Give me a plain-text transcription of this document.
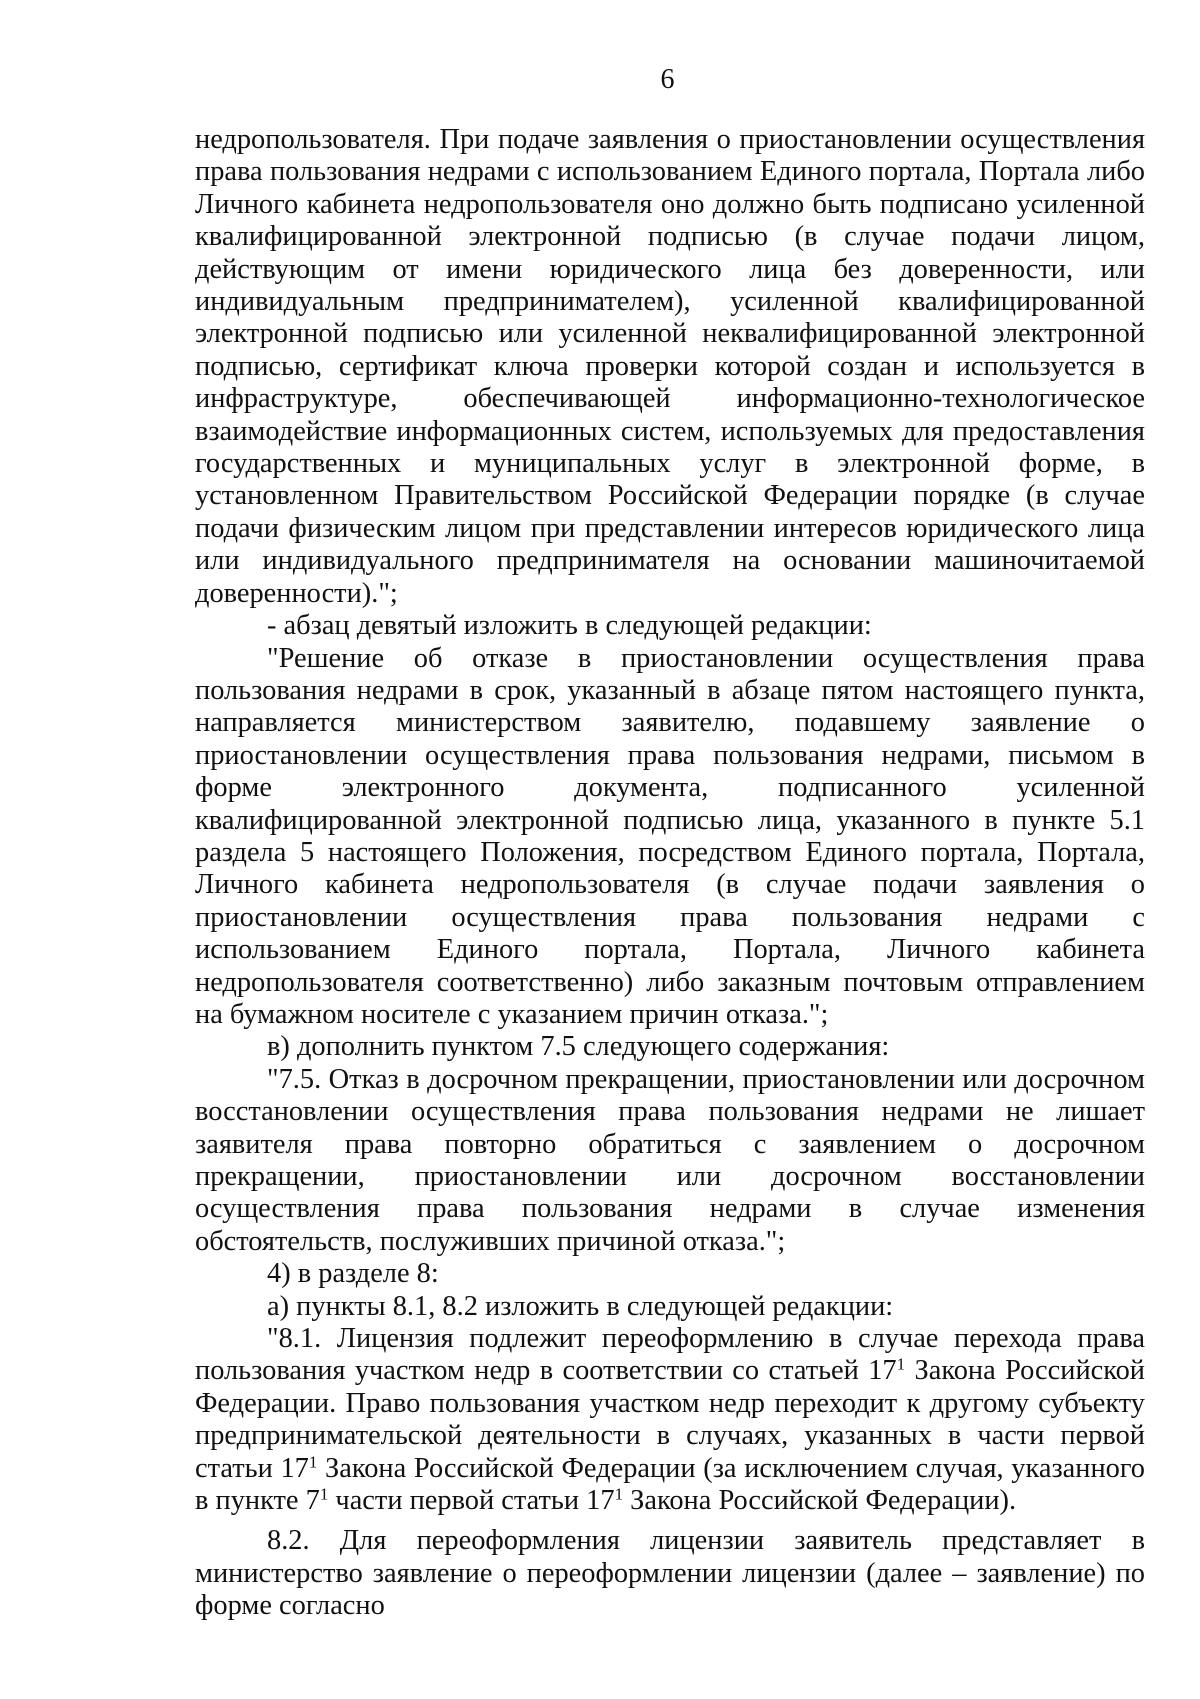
6

недропользователя. При подаче заявления о приостановлении осуществления права пользования недрами с использованием Единого портала, Портала либо Личного кабинета недропользователя оно должно быть подписано усиленной квалифицированной электронной подписью (в случае подачи лицом, действующим от имени юридического лица без доверенности, или индивидуальным предпринимателем), усиленной квалифицированной электронной подписью или усиленной неквалифицированной электронной подписью, сертификат ключа проверки которой создан и используется в инфраструктуре, обеспечивающей информационно-технологическое взаимодействие информационных систем, используемых для предоставления государственных и муниципальных услуг в электронной форме, в установленном Правительством Российской Федерации порядке (в случае подачи физическим лицом при представлении интересов юридического лица или индивидуального предпринимателя на основании машиночитаемой доверенности).";

- абзац девятый изложить в следующей редакции:

"Решение об отказе в приостановлении осуществления права пользования недрами в срок, указанный в абзаце пятом настоящего пункта, направляется министерством заявителю, подавшему заявление о приостановлении осуществления права пользования недрами, письмом в форме электронного документа, подписанного усиленной квалифицированной электронной подписью лица, указанного в пункте 5.1 раздела 5 настоящего Положения, посредством Единого портала, Портала, Личного кабинета недропользователя (в случае подачи заявления о приостановлении осуществления права пользования недрами с использованием Единого портала, Портала, Личного кабинета недропользователя соответственно) либо заказным почтовым отправлением на бумажном носителе с указанием причин отказа.";

в) дополнить пунктом 7.5 следующего содержания:

"7.5. Отказ в досрочном прекращении, приостановлении или досрочном восстановлении осуществления права пользования недрами не лишает заявителя права повторно обратиться с заявлением о досрочном прекращении, приостановлении или досрочном восстановлении осуществления права пользования недрами в случае изменения обстоятельств, послуживших причиной отказа.";

4) в разделе 8:

а) пункты 8.1, 8.2 изложить в следующей редакции:

"8.1. Лицензия подлежит переоформлению в случае перехода права пользования участком недр в соответствии со статьей $17^1$ Закона Российской Федерации. Право пользования участком недр переходит к другому субъекту предпринимательской деятельности в случаях, указанных в части первой статьи $17^1$ Закона Российской Федерации (за исключением случая, указанного в пункте $7^1$ части первой статьи $17^1$ Закона Российской Федерации).

8.2. Для переоформления лицензии заявитель представляет в министерство заявление о переоформлении лицензии (далее – заявление) по форме согласно
